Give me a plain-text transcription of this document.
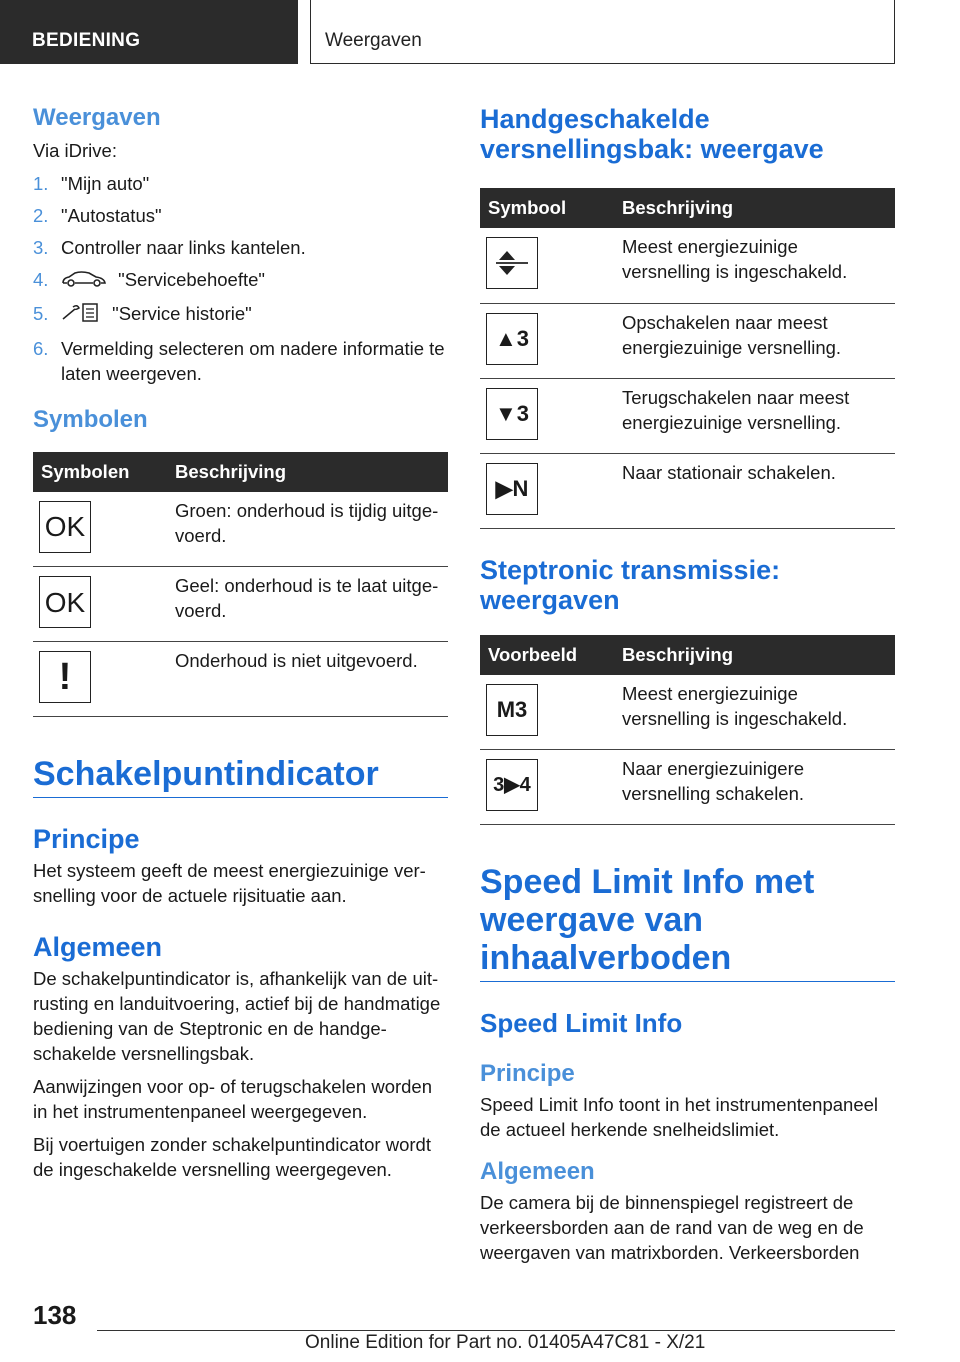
BEDIENING	Weergaven
Weergaven

Via iDrive:

1. "Mijn auto"
2. "Autostatus"
3. Controller naar links kantelen.
4.	"Servicebehoefte"
5.	"Service historie"
6. Vermelding selecteren om nadere informatie te laten weergeven.
Symbolen
Symbolen	Beschrijving

OK	Groen: onderhoud is tijdig uitgevoerd.

OK	Geel: onderhoud is te laat uitgevoerd.

!	Onderhoud is niet uitgevoerd.
Schakelpuntindicator
Principe

Het systeem geeft de meest energiezuinige versnelling voor de actuele rijsituatie aan.

Algemeen

De schakelpuntindicator is, afhankelijk van de uitrusting en landuitvoering, actief bij de handmatige bediening van de Steptronic en de handgeschakelde versnellingsbak.

Aanwijzingen voor op- of terugschakelen worden in het instrumentenpaneel weergegeven.

Bij voertuigen zonder schakelpuntindicator wordt de ingeschakelde versnelling weergegeven.

Handgeschakelde versnellingsbak: weergave
Symbool	Beschrijving

	Meest energiezuinige versnelling is ingeschakeld.

▲3	Opschakelen naar meest energiezuinige versnelling.

▼3	Terugschakelen naar meest energiezuinige versnelling.

▶N	Naar stationair schakelen.
Steptronic transmissie: weergaven
Voorbeeld	Beschrijving

M3	Meest energiezuinige versnelling is ingeschakeld.

3▶4	Naar energiezuinigere versnelling schakelen.
Speed Limit Info met weergave van inhaalverboden
Speed Limit Info
Principe

Speed Limit Info toont in het instrumentenpaneel de actueel herkende snelheidslimiet.

Algemeen

De camera bij de binnenspiegel registreert de verkeersborden aan de rand van de weg en de weergaven van matrixborden. Verkeersborden

138
Online Edition for Part no. 01405A47C81 - X/21
